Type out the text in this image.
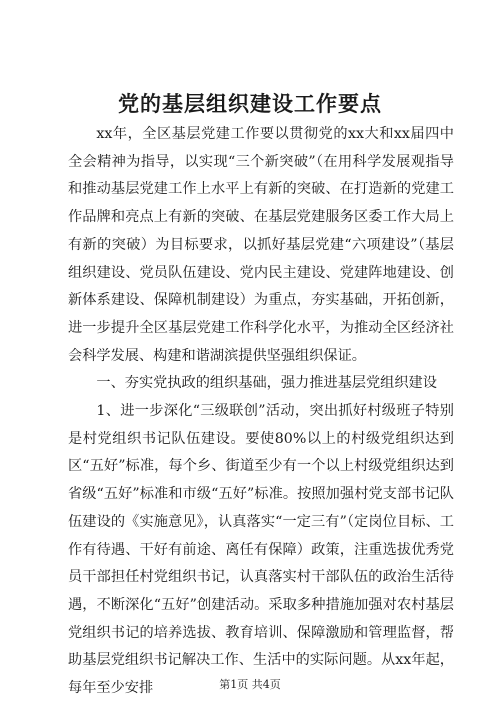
党的基层组织建设工作要点

xx年，全区基层党建工作要以贯彻党的xx大和xx届四中全会精神为指导，以实现“三个新突破”（在用科学发展观指导和推动基层党建工作上水平上有新的突破、在打造新的党建工作品牌和亮点上有新的突破、在基层党建服务区委工作大局上有新的突破）为目标要求，以抓好基层党建“六项建设”（基层组织建设、党员队伍建设、党内民主建设、党建阵地建设、创新体系建设、保障机制建设）为重点，夯实基础，开拓创新，进一步提升全区基层党建工作科学化水平，为推动全区经济社会科学发展、构建和谐湖滨提供坚强组织保证。

一、夯实党执政的组织基础，强力推进基层党组织建设

1、进一步深化“三级联创”活动，突出抓好村级班子特别是村党组织书记队伍建设。要使80%以上的村级党组织达到区“五好”标准，每个乡、街道至少有一个以上村级党组织达到省级“五好”标准和市级“五好”标准。按照加强村党支部书记队伍建设的《实施意见》，认真落实“一定三有”（定岗位目标、工作有待遇、干好有前途、离任有保障）政策，注重选拔优秀党员干部担任村党组织书记，认真落实村干部队伍的政治生活待遇，不断深化“五好”创建活动。采取多种措施加强对农村基层党组织书记的培养选拔、教育培训、保障激励和管理监督，帮助基层党组织书记解决工作、生活中的实际问题。从xx年起，每年至少安排	第1页 共4页
